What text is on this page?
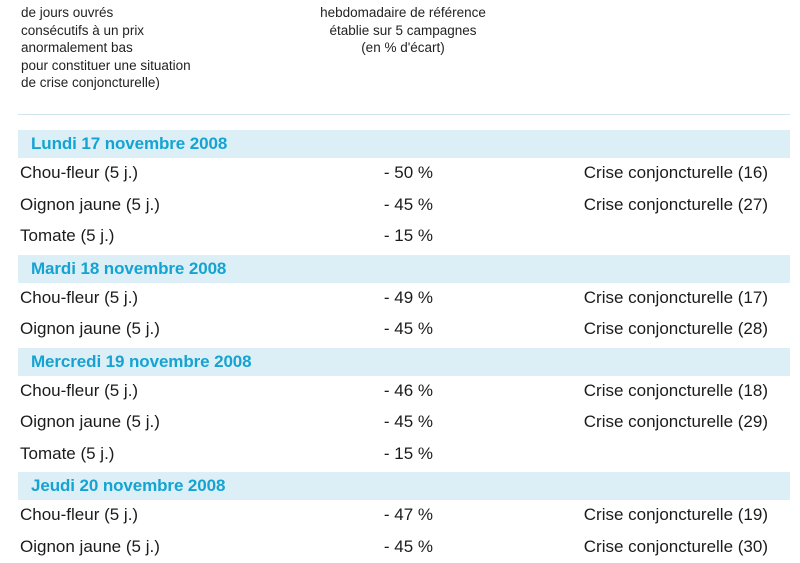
de jours ouvrés
consécutifs à un prix
anormalement bas
pour constituer une situation
de crise conjoncturelle)
hebdomadaire de référence
établie sur 5 campagnes
(en % d'écart)
Lundi 17 novembre 2008
Chou-fleur (5 j.)	- 50 %	Crise conjoncturelle (16)
Oignon jaune (5 j.)	- 45 %	Crise conjoncturelle (27)
Tomate (5 j.)	- 15 %
Mardi 18 novembre 2008
Chou-fleur (5 j.)	- 49 %	Crise conjoncturelle (17)
Oignon jaune (5 j.)	- 45 %	Crise conjoncturelle (28)
Mercredi 19 novembre 2008
Chou-fleur (5 j.)	- 46 %	Crise conjoncturelle (18)
Oignon jaune (5 j.)	- 45 %	Crise conjoncturelle (29)
Tomate (5 j.)	- 15 %
Jeudi 20 novembre 2008
Chou-fleur (5 j.)	- 47 %	Crise conjoncturelle (19)
Oignon jaune (5 j.)	- 45 %	Crise conjoncturelle (30)
